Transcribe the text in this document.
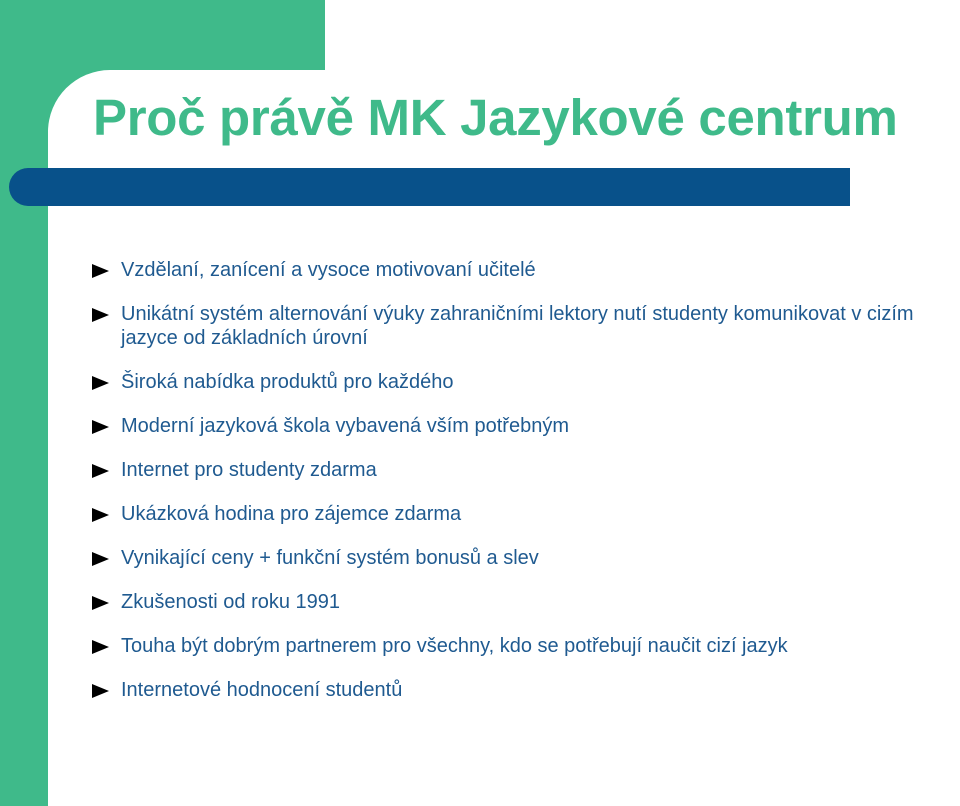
Proč právě MK Jazykové centrum
Vzdělaní, zanícení a vysoce motivovaní učitelé
Unikátní systém alternování výuky zahraničními lektory nutí studenty komunikovat v cizím jazyce od základních úrovní
Široká nabídka produktů pro každého
Moderní jazyková škola vybavená vším potřebným
Internet pro studenty zdarma
Ukázková hodina pro zájemce zdarma
Vynikající ceny + funkční systém bonusů a slev
Zkušenosti od roku 1991
Touha být dobrým partnerem pro všechny, kdo se potřebují naučit cizí jazyk
Internetové hodnocení studentů
